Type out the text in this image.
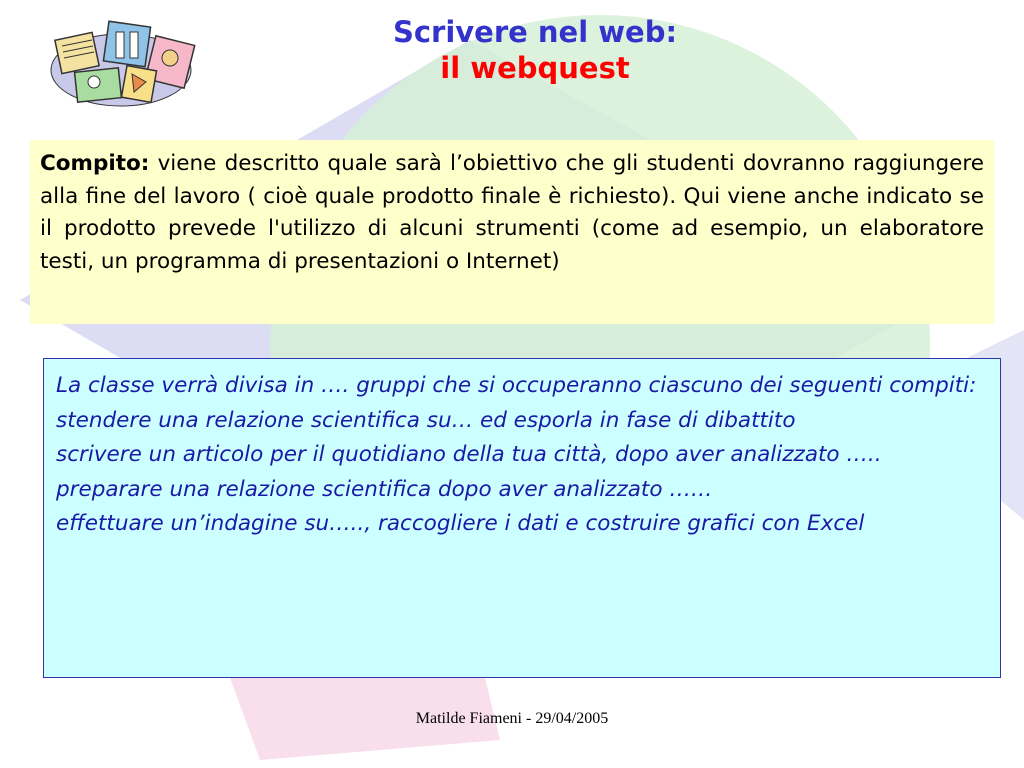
Scrivere nel web:
il webquest
Compito: viene descritto quale sarà l’obiettivo che gli studenti dovranno raggiungere alla fine del lavoro ( cioè quale prodotto finale è richiesto). Qui viene anche indicato se il prodotto prevede l'utilizzo di alcuni strumenti (come ad esempio, un elaboratore testi, un programma di presentazioni o Internet)

La classe verrà divisa in …. gruppi che si occuperanno ciascuno dei seguenti compiti:

stendere una relazione scientifica su… ed esporla in fase di dibattito

scrivere un articolo per il quotidiano della tua città, dopo aver analizzato …..

preparare una relazione scientifica dopo aver analizzato ……

effettuare un’indagine su….., raccogliere i dati e costruire grafici con Excel

Matilde Fiameni - 29/04/2005
